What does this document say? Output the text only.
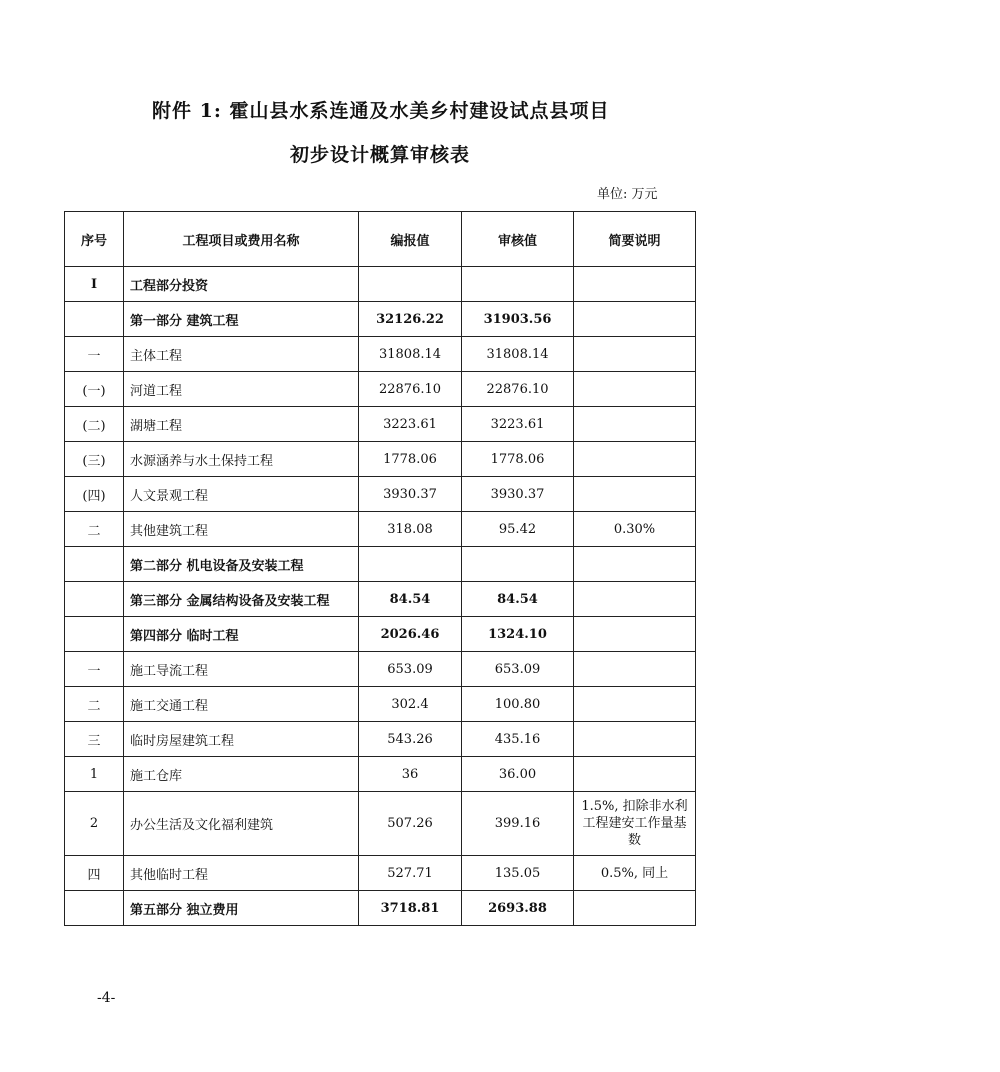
附件 1: 霍山县水系连通及水美乡村建设试点县项目
初步设计概算审核表
单位: 万元
序号	工程项目或费用名称	编报值	审核值	简要说明
I	工程部分投资			
	第一部分 建筑工程	32126.22	31903.56	
一	主体工程	31808.14	31808.14	
(一)	河道工程	22876.10	22876.10	
(二)	湖塘工程	3223.61	3223.61	
(三)	水源涵养与水土保持工程	1778.06	1778.06	
(四)	人文景观工程	3930.37	3930.37	
二	其他建筑工程	318.08	95.42	0.30%
	第二部分 机电设备及安装工程			
	第三部分 金属结构设备及安装工程	84.54	84.54	
	第四部分 临时工程	2026.46	1324.10	
一	施工导流工程	653.09	653.09	
二	施工交通工程	302.4	100.80	
三	临时房屋建筑工程	543.26	435.16	
1	施工仓库	36	36.00	
2	办公生活及文化福利建筑	507.26	399.16	1.5%, 扣除非水利工程建安工作量基数
四	其他临时工程	527.71	135.05	0.5%, 同上
	第五部分 独立费用	3718.81	2693.88	
-4-
